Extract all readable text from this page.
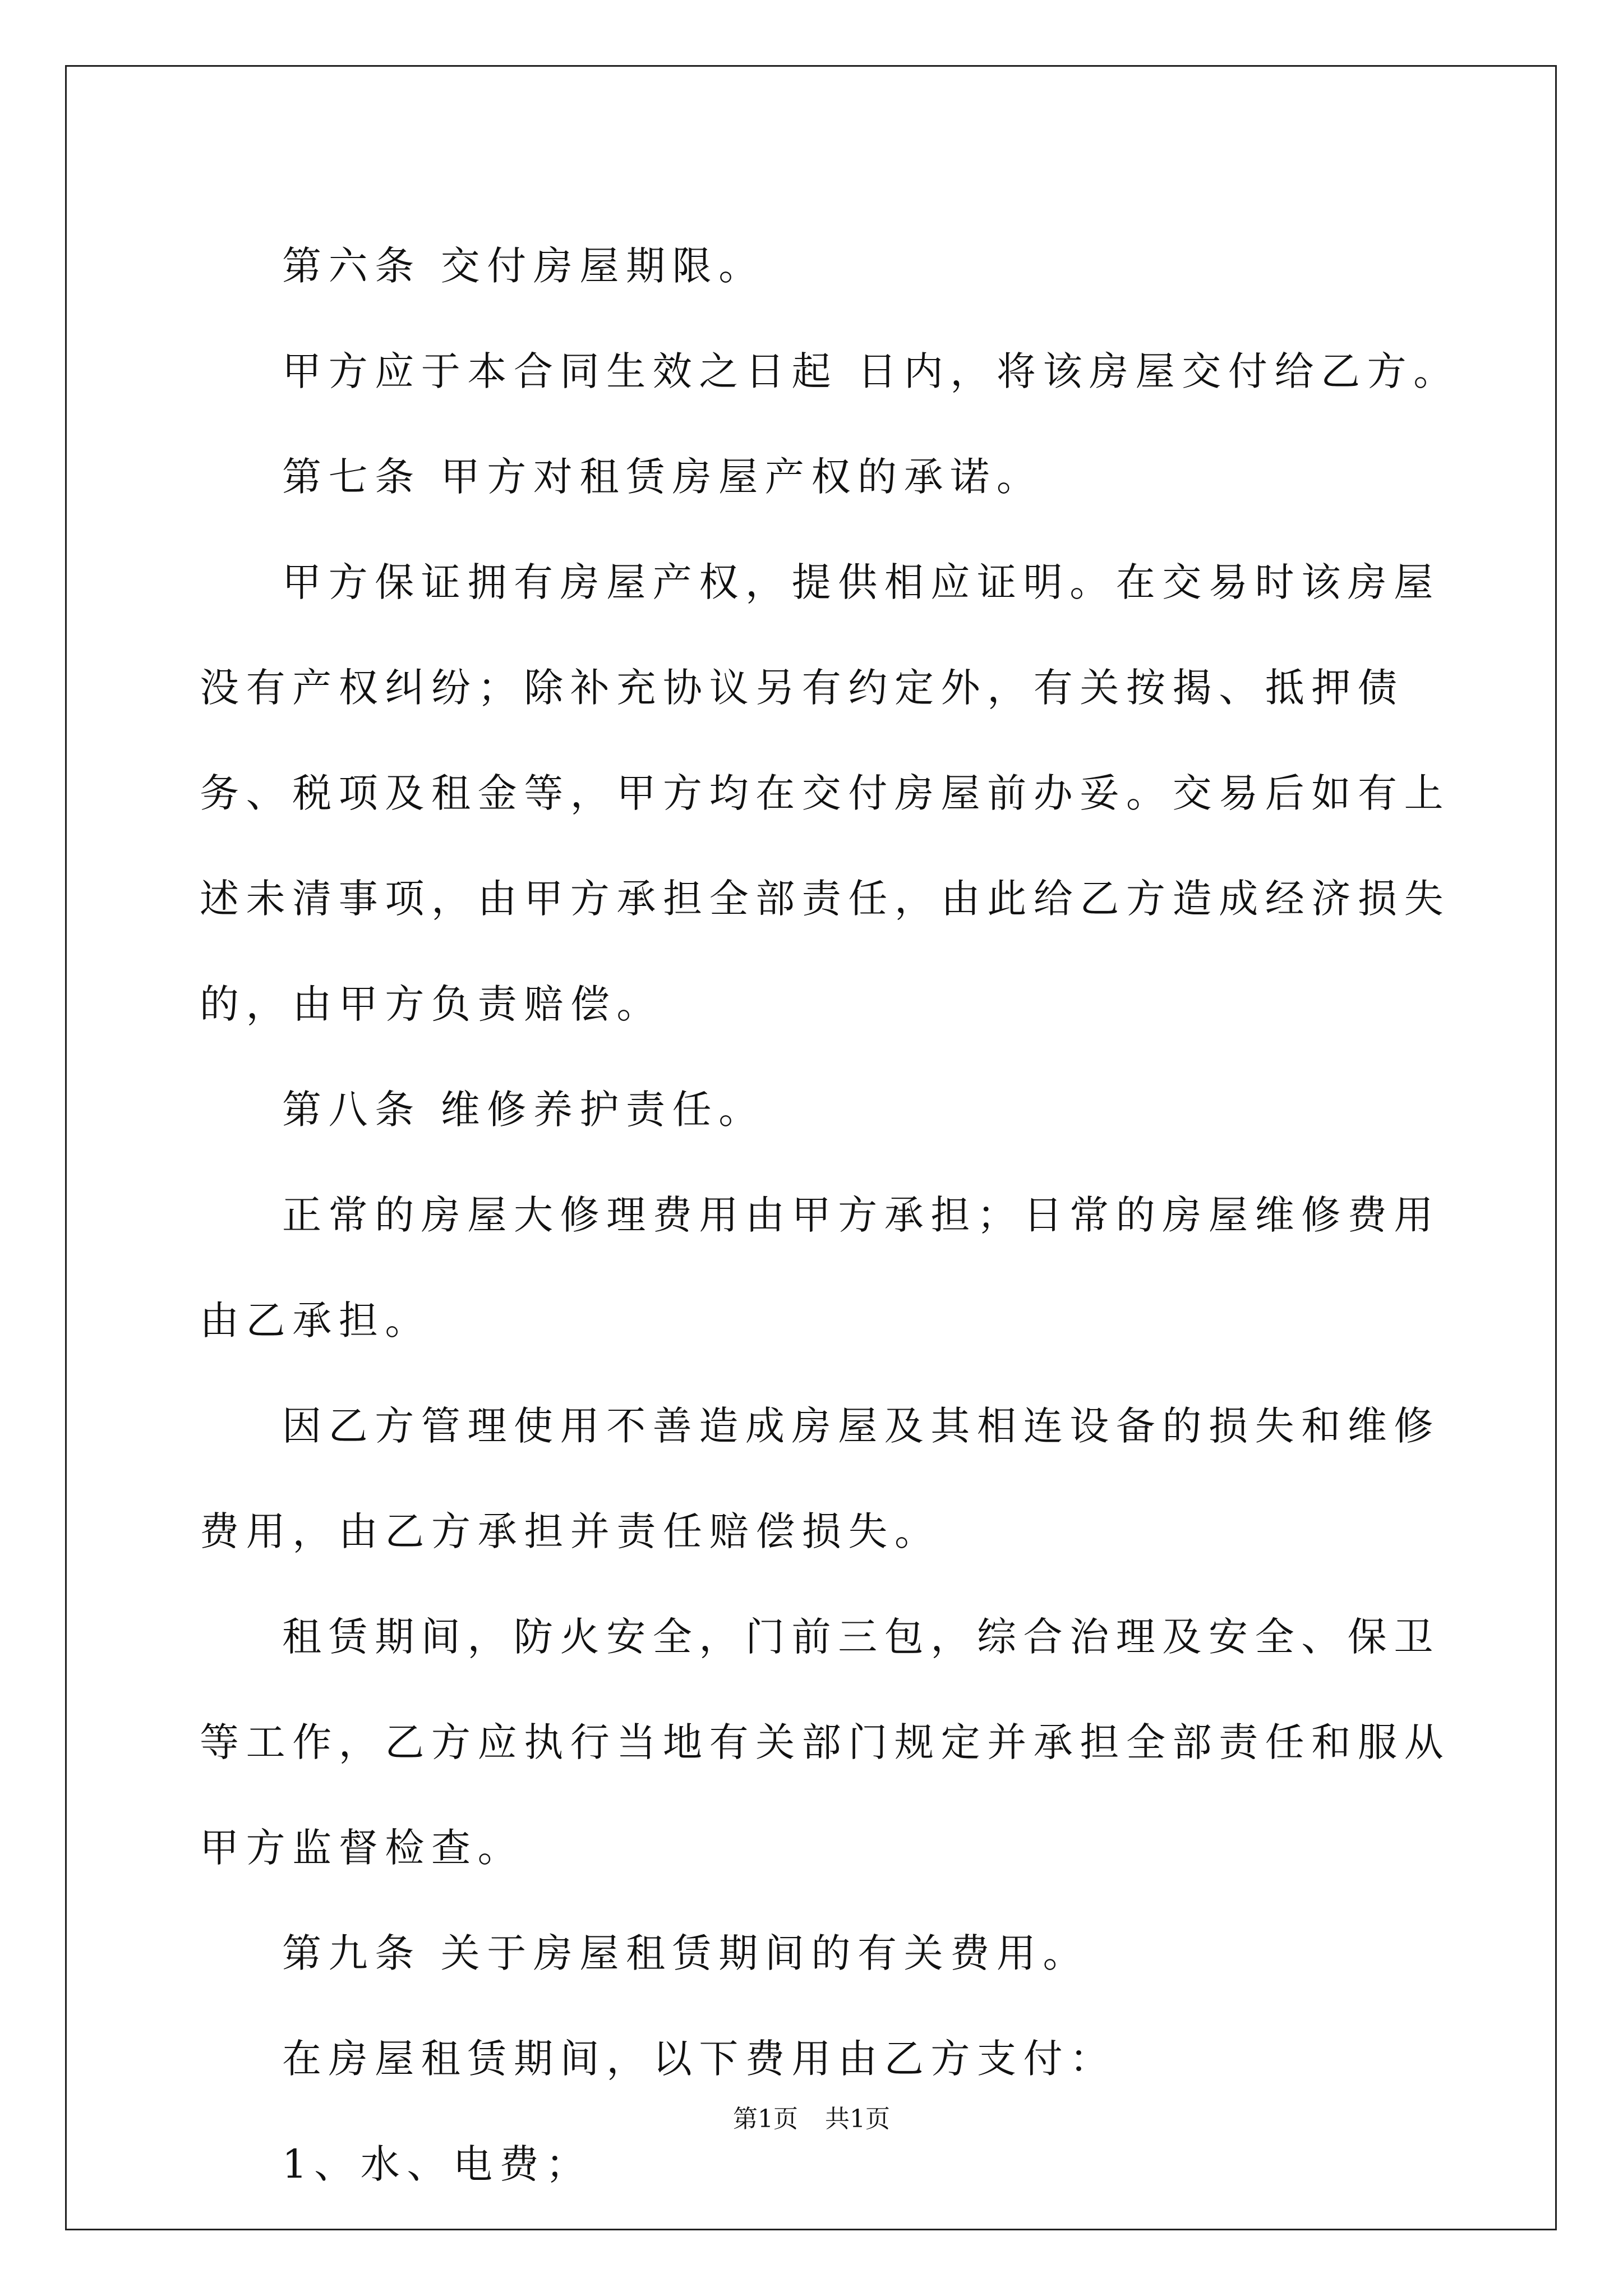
第六条 交付房屋期限。

甲方应于本合同生效之日起 日内，将该房屋交付给乙方。

第七条 甲方对租赁房屋产权的承诺。

甲方保证拥有房屋产权，提供相应证明。在交易时该房屋没有产权纠纷；除补充协议另有约定外，有关按揭、抵押债务、税项及租金等，甲方均在交付房屋前办妥。交易后如有上述未清事项，由甲方承担全部责任，由此给乙方造成经济损失的，由甲方负责赔偿。

第八条 维修养护责任。

正常的房屋大修理费用由甲方承担；日常的房屋维修费用由乙承担。

因乙方管理使用不善造成房屋及其相连设备的损失和维修费用，由乙方承担并责任赔偿损失。

租赁期间，防火安全，门前三包，综合治理及安全、保卫等工作，乙方应执行当地有关部门规定并承担全部责任和服从甲方监督检查。

第九条 关于房屋租赁期间的有关费用。

在房屋租赁期间，以下费用由乙方支付：

1、水、电费；

第1页 共1页
